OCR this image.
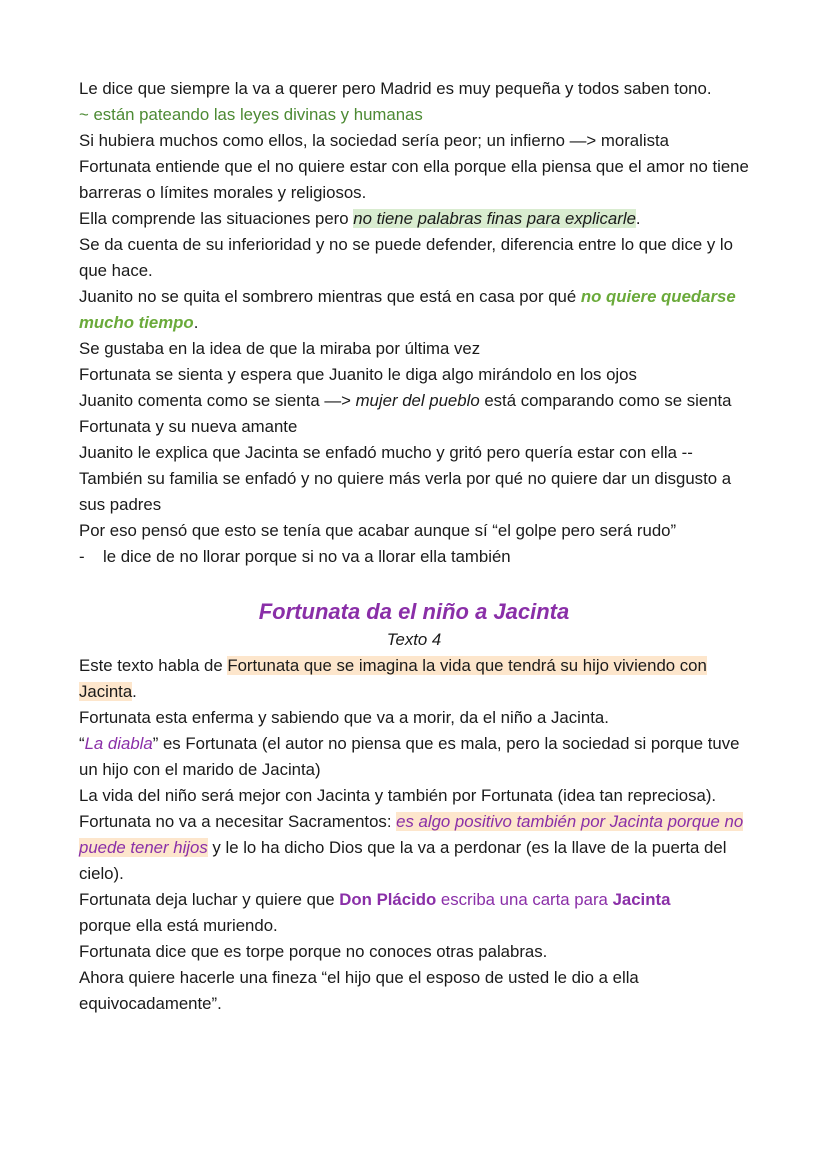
Le dice que siempre la va a querer pero Madrid es muy pequeña y todos saben tono.

~ están pateando las leyes divinas y humanas

Si hubiera muchos como ellos, la sociedad sería peor; un infierno —> moralista

Fortunata entiende que el no quiere estar con ella porque ella piensa que el amor no tiene barreras o límites morales y religiosos.

Ella comprende las situaciones pero no tiene palabras finas para explicarle.

Se da cuenta de su inferioridad y no se puede defender, diferencia entre lo que dice y lo que hace.

Juanito no se quita el sombrero mientras que está en casa por qué no quiere quedarse mucho tiempo.

Se gustaba en la idea de que la miraba por última vez

Fortunata se sienta y espera que Juanito le diga algo mirándolo en los ojos

Juanito comenta como se sienta —> mujer del pueblo está comparando como se sienta Fortunata y su nueva amante

Juanito le explica que Jacinta se enfadó mucho y gritó pero quería estar con ella -- También su familia se enfadó y no quiere más verla por qué no quiere dar un disgusto a sus padres

Por eso pensó que esto se tenía que acabar aunque sí “el golpe pero será rudo”

-	le dice de no llorar porque si no va a llorar ella también
Fortunata da el niño a Jacinta
Texto 4

Este texto habla de Fortunata que se imagina la vida que tendrá su hijo viviendo con Jacinta.

Fortunata esta enferma y sabiendo que va a morir, da el niño a Jacinta.

“La diabla” es Fortunata (el autor no piensa que es mala, pero la sociedad si porque tuve un hijo con el marido de Jacinta)

La vida del niño será mejor con Jacinta y también por Fortunata (idea tan repreciosa).

Fortunata no va a necesitar Sacramentos: es algo positivo también por Jacinta porque no puede tener hijos y le lo ha dicho Dios que la va a perdonar (es la llave de la puerta del cielo).

Fortunata deja luchar y quiere que Don Plácido escriba una carta para Jacinta
porque ella está muriendo.

Fortunata dice que es torpe porque no conoces otras palabras.

Ahora quiere hacerle una fineza “el hijo que el esposo de usted le dio a ella equivocadamente”.
